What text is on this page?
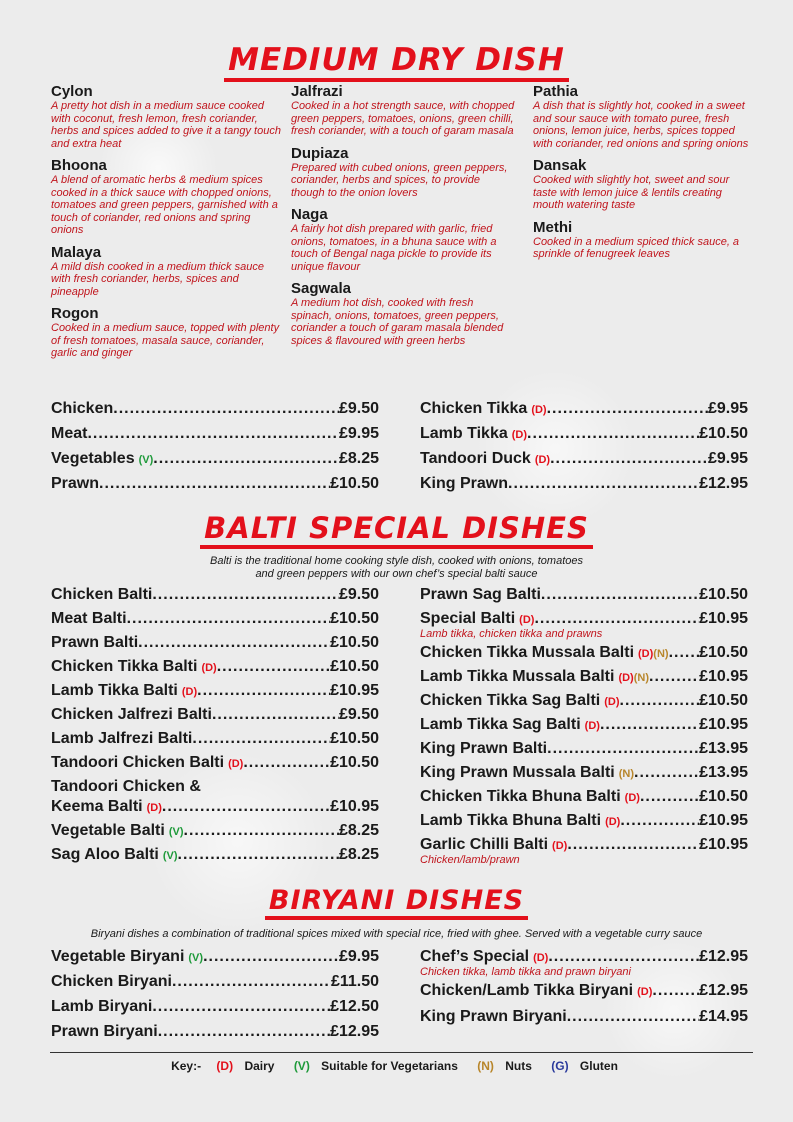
MEDIUM DRY DISH
Cylon
A pretty hot dish in a medium sauce cooked with coconut, fresh lemon, fresh coriander, herbs and spices added to give it a tangy touch and extra heat
Bhoona
A blend of aromatic herbs & medium spices cooked in a thick sauce with chopped onions, tomatoes and green peppers, garnished with a touch of coriander, red onions and spring onions
Malaya
A mild dish cooked in a medium thick sauce with fresh coriander, herbs, spices and pineapple
Rogon
Cooked in a medium sauce, topped with plenty of fresh tomatoes, masala sauce, coriander, garlic and ginger
Jalfrazi
Cooked in a hot strength sauce, with chopped green peppers, tomatoes, onions, green chilli, fresh coriander, with a touch of garam masala
Dupiaza
Prepared with cubed onions, green peppers, coriander, herbs and spices, to provide though to the onion lovers
Naga
A fairly hot dish prepared with garlic, fried onions, tomatoes, in a bhuna sauce with a touch of Bengal naga pickle to provide its unique flavour
Sagwala
A medium hot dish, cooked with fresh spinach, onions, tomatoes, green peppers, coriander a touch of garam masala blended spices & flavoured with green herbs
Pathia
A dish that is slightly hot, cooked in a sweet and sour sauce with tomato puree, fresh onions, lemon juice, herbs, spices topped with coriander, red onions and spring onions
Dansak
Cooked with slightly hot, sweet and sour taste with lemon juice & lentils creating mouth watering taste
Methi
Cooked in a medium spiced thick sauce, a sprinkle of fenugreek leaves
Chicken .....	£9.50
Meat .....	£9.95
Vegetables (V) .....	£8.25
Prawn .....	£10.50
Chicken Tikka (D) .....	£9.95
Lamb Tikka (D) .....	£10.50
Tandoori Duck (D) .....	£9.95
King Prawn .....	£12.95
BALTI SPECIAL DISHES
Balti is the traditional home cooking style dish, cooked with onions, tomatoes and green peppers with our own chef’s special balti sauce
Chicken Balti .....	£9.50
Meat Balti .....	£10.50
Prawn Balti .....	£10.50
Chicken Tikka Balti (D) .....	£10.50
Lamb Tikka Balti (D) .....	£10.95
Chicken Jalfrezi Balti .....	£9.50
Lamb Jalfrezi Balti .....	£10.50
Tandoori Chicken Balti (D) .....	£10.50
Tandoori Chicken &
Keema Balti (D) .....	£10.95
Vegetable Balti (V) .....	£8.25
Sag Aloo Balti (V) .....	£8.25
Prawn Sag Balti .....	£10.50
Special Balti (D) .....	£10.95
Lamb tikka, chicken tikka and prawns
Chicken Tikka Mussala Balti (D) (N) ..... £10.50
Lamb Tikka Mussala Balti (D) (N) .....	£10.95
Chicken Tikka Sag Balti (D) .....	£10.50
Lamb Tikka Sag Balti (D) .....	£10.95
King Prawn Balti .....	£13.95
King Prawn Mussala Balti (N) .....	£13.95
Chicken Tikka Bhuna Balti (D) .....	£10.50
Lamb Tikka Bhuna Balti (D) .....	£10.95
Garlic Chilli Balti (D) .....	£10.95
Chicken/lamb/prawn
BIRYANI DISHES
Biryani dishes a combination of traditional spices mixed with special rice, fried with ghee. Served with a vegetable curry sauce
Vegetable Biryani (V) .....	£9.95
Chicken Biryani .....	£11.50
Lamb Biryani .....	£12.50
Prawn Biryani .....	£12.95
Chef’s Special (D) .....	£12.95
Chicken tikka, lamb tikka and prawn biryani
Chicken/Lamb Tikka Biryani (D) .....	£12.95
King Prawn Biryani .....	£14.95
Key:- (D) Dairy (V) Suitable for Vegetarians (N) Nuts (G) Gluten
